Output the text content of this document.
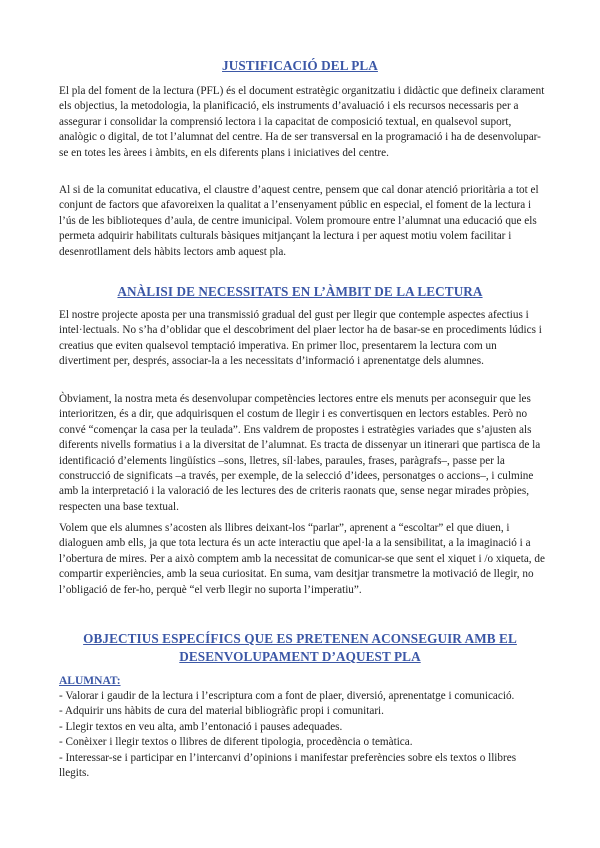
JUSTIFICACIÓ DEL PLA

El pla del foment de la lectura (PFL) és el document estratègic organitzatiu i didàctic que defineix clarament els objectius, la metodologia, la planificació, els instruments d’avaluació i els recursos necessaris per a assegurar i consolidar la comprensió lectora i la capacitat de composició textual, en qualsevol suport, analògic o digital, de tot l’alumnat del centre. Ha de ser transversal en la programació i ha de desenvolupar-se en totes les àrees i àmbits, en els diferents plans i iniciatives del centre.

Al si de la comunitat educativa, el claustre d’aquest centre, pensem que cal donar atenció prioritària a tot el conjunt de factors que afavoreixen la qualitat a l’ensenyament públic en especial, el foment de la lectura i l’ús de les biblioteques d’aula, de centre imunicipal. Volem promoure entre l’alumnat una educació que els permeta adquirir habilitats culturals bàsiques mitjançant la lectura i per aquest motiu volem facilitar i desenrotllament dels hàbits lectors amb aquest pla.

ANÀLISI DE NECESSITATS EN L’ÀMBIT DE LA LECTURA

El nostre projecte aposta per una transmissió gradual del gust per llegir que contemple aspectes afectius i intel·lectuals. No s’ha d’oblidar que el descobriment del plaer lector ha de basar-se en procediments lúdics i creatius que eviten qualsevol temptació imperativa. En primer lloc, presentarem la lectura com un divertiment per, després, associar-la a les necessitats d’informació i aprenentatge dels alumnes.

Òbviament, la nostra meta és desenvolupar competències lectores entre els menuts per aconseguir que les interioritzen, és a dir, que adquirisquen el costum de llegir i es convertisquen en lectors estables. Però no convé “començar la casa per la teulada”. Ens valdrem de propostes i estratègies variades que s’ajusten als diferents nivells formatius i a la diversitat de l’alumnat. Es tracta de dissenyar un itinerari que partisca de la identificació d’elements lingüístics –sons, lletres, síl·labes, paraules, frases, paràgrafs–, passe per la construcció de significats –a través, per exemple, de la selecció d’idees, personatges o accions–, i culmine amb la interpretació i la valoració de les lectures des de criteris raonats que, sense negar mirades pròpies, respecten una base textual.

Volem que els alumnes s’acosten als llibres deixant-los “parlar”, aprenent a “escoltar” el que diuen, i dialoguen amb ells, ja que tota lectura és un acte interactiu que apel·la a la sensibilitat, a la imaginació i a l’obertura de mires. Per a això comptem amb la necessitat de comunicar-se que sent el xiquet i /o xiqueta, de compartir experiències, amb la seua curiositat. En suma, vam desitjar transmetre la motivació de llegir, no l’obligació de fer-ho, perquè “el verb llegir no suporta l’imperatiu”.

OBJECTIUS ESPECÍFICS QUE ES PRETENEN ACONSEGUIR AMB EL
DESENVOLUPAMENT D’AQUEST PLA
ALUMNAT:
- Valorar i gaudir de la lectura i l’escriptura com a font de plaer, diversió, aprenentatge i comunicació.
- Adquirir uns hàbits de cura del material bibliogràfic propi i comunitari.
- Llegir textos en veu alta, amb l’entonació i pauses adequades.
- Conèixer i llegir textos o llibres de diferent tipologia, procedència o temàtica.
- Interessar-se i participar en l’intercanvi d’opinions i manifestar preferències sobre els textos o llibres llegits.
